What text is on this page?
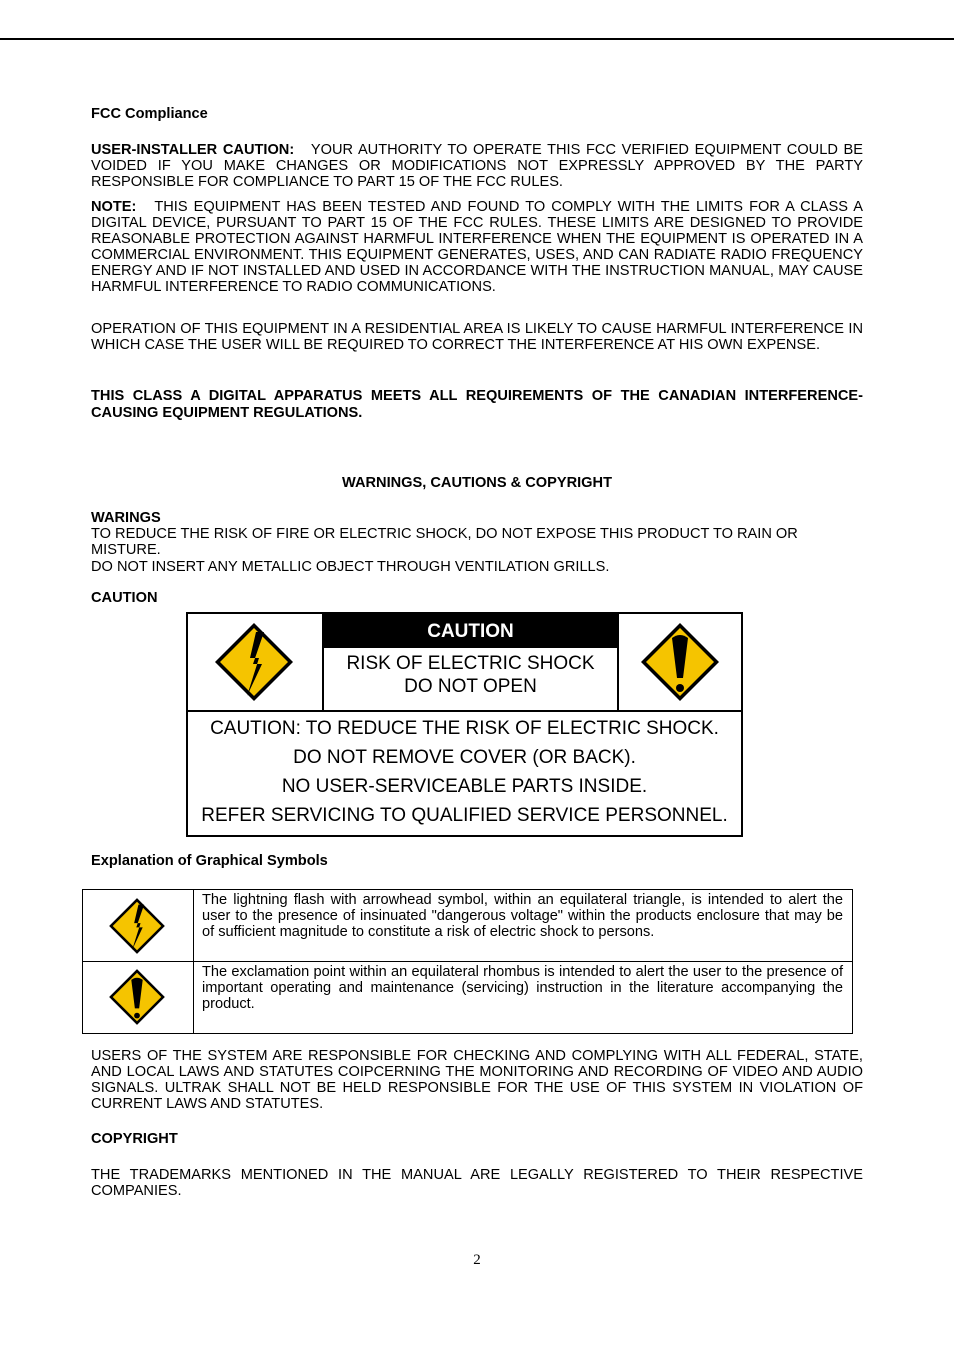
FCC Compliance
USER-INSTALLER CAUTION: YOUR AUTHORITY TO OPERATE THIS FCC VERIFIED EQUIPMENT COULD BE VOIDED IF YOU MAKE CHANGES OR MODIFICATIONS NOT EXPRESSLY APPROVED BY THE PARTY RESPONSIBLE FOR COMPLIANCE TO PART 15 OF THE FCC RULES.
NOTE: THIS EQUIPMENT HAS BEEN TESTED AND FOUND TO COMPLY WITH THE LIMITS FOR A CLASS A DIGITAL DEVICE, PURSUANT TO PART 15 OF THE FCC RULES. THESE LIMITS ARE DESIGNED TO PROVIDE REASONABLE PROTECTION AGAINST HARMFUL INTERFERENCE WHEN THE EQUIPMENT IS OPERATED IN A COMMERCIAL ENVIRONMENT. THIS EQUIPMENT GENERATES, USES, AND CAN RADIATE RADIO FREQUENCY ENERGY AND IF NOT INSTALLED AND USED IN ACCORDANCE WITH THE INSTRUCTION MANUAL, MAY CAUSE HARMFUL INTERFERENCE TO RADIO COMMUNICATIONS.
OPERATION OF THIS EQUIPMENT IN A RESIDENTIAL AREA IS LIKELY TO CAUSE HARMFUL INTERFERENCE IN WHICH CASE THE USER WILL BE REQUIRED TO CORRECT THE INTERFERENCE AT HIS OWN EXPENSE.
THIS CLASS A DIGITAL APPARATUS MEETS ALL REQUIREMENTS OF THE CANADIAN INTERFERENCE-CAUSING EQUIPMENT REGULATIONS.
WARNINGS, CAUTIONS & COPYRIGHT
WARINGS
TO REDUCE THE RISK OF FIRE OR ELECTRIC SHOCK, DO NOT EXPOSE THIS PRODUCT TO RAIN OR MISTURE.
DO NOT INSERT ANY METALLIC OBJECT THROUGH VENTILATION GRILLS.
CAUTION
CAUTION
RISK OF ELECTRIC SHOCK
DO NOT OPEN
CAUTION: TO REDUCE THE RISK OF ELECTRIC SHOCK.
DO NOT REMOVE COVER (OR BACK).
NO USER-SERVICEABLE PARTS INSIDE.
REFER SERVICING TO QUALIFIED SERVICE PERSONNEL.
Explanation of Graphical Symbols
The lightning flash with arrowhead symbol, within an equilateral triangle, is intended to alert the user to the presence of insinuated "dangerous voltage" within the products enclosure that may be of sufficient magnitude to constitute a risk of electric shock to persons.
The exclamation point within an equilateral rhombus is intended to alert the user to the presence of important operating and maintenance (servicing) instruction in the literature accompanying the product.
USERS OF THE SYSTEM ARE RESPONSIBLE FOR CHECKING AND COMPLYING WITH ALL FEDERAL, STATE, AND LOCAL LAWS AND STATUTES COIPCERNING THE MONITORING AND RECORDING OF VIDEO AND AUDIO SIGNALS. ULTRAK SHALL NOT BE HELD RESPONSIBLE FOR THE USE OF THIS SYSTEM IN VIOLATION OF CURRENT LAWS AND STATUTES.
COPYRIGHT
THE TRADEMARKS MENTIONED IN THE MANUAL ARE LEGALLY REGISTERED TO THEIR RESPECTIVE COMPANIES.
2
